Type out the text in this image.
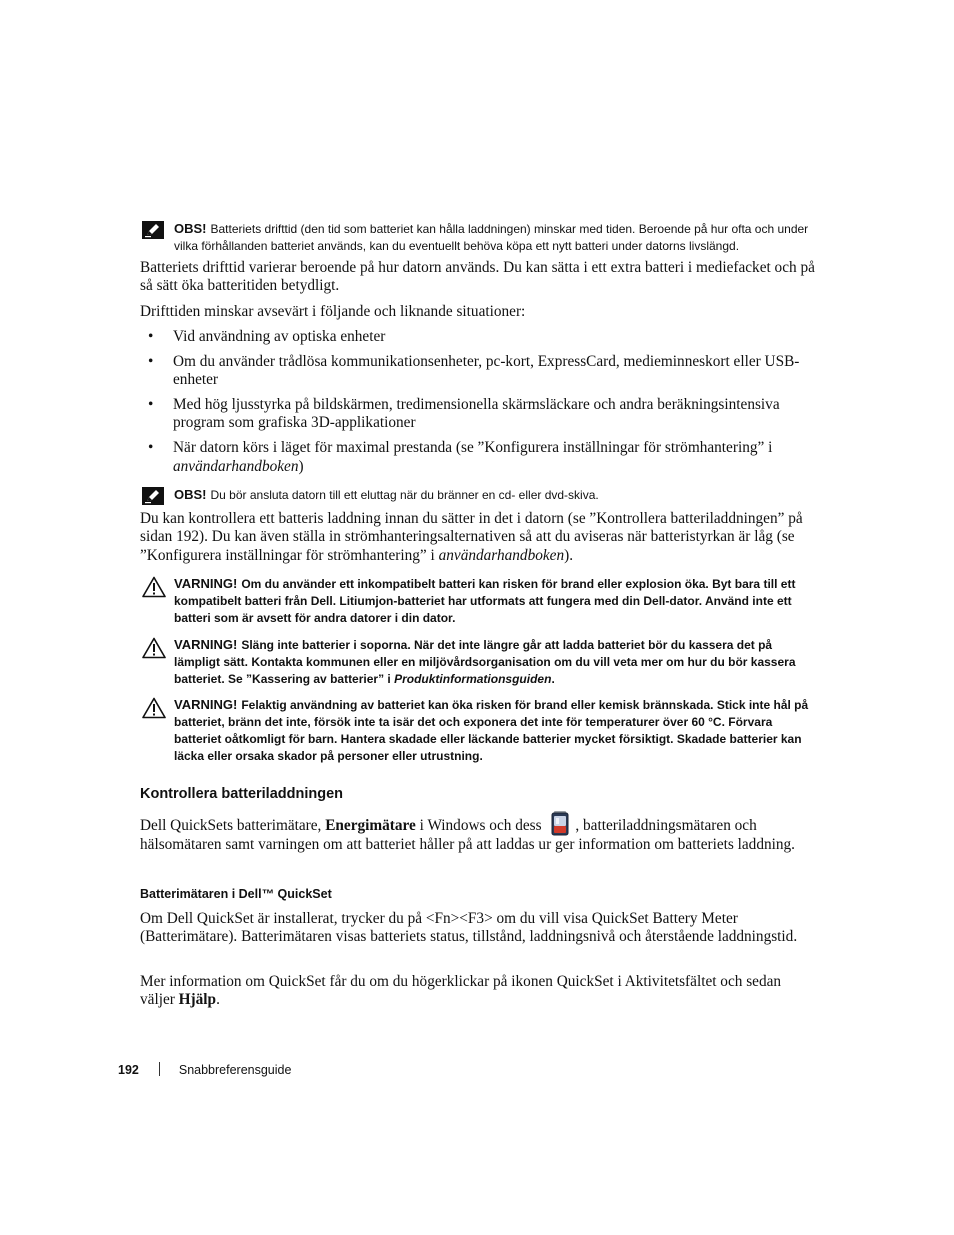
OBS! Batteriets drifttid (den tid som batteriet kan hålla laddningen) minskar med tiden. Beroende på hur ofta och under vilka förhållanden batteriet används, kan du eventuellt behöva köpa ett nytt batteri under datorns livslängd.

Batteriets drifttid varierar beroende på hur datorn används. Du kan sätta i ett extra batteri i mediefacket och på så sätt öka batteritiden betydligt.

Drifttiden minskar avsevärt i följande och liknande situationer:

• Vid användning av optiska enheter
• Om du använder trådlösa kommunikationsenheter, pc-kort, ExpressCard, medieminneskort eller USB-enheter
• Med hög ljusstyrka på bildskärmen, tredimensionella skärmsläckare och andra beräkningsintensiva program som grafiska 3D-applikationer
• När datorn körs i läget för maximal prestanda (se ”Konfigurera inställningar för strömhantering” i användarhandboken)
OBS! Du bör ansluta datorn till ett eluttag när du bränner en cd- eller dvd-skiva.

Du kan kontrollera ett batteris laddning innan du sätter in det i datorn (se ”Kontrollera batteriladdningen” på sidan 192). Du kan även ställa in strömhanteringsalternativen så att du aviseras när batteristyrkan är låg (se ”Konfigurera inställningar för strömhantering” i användarhandboken).

VARNING! Om du använder ett inkompatibelt batteri kan risken för brand eller explosion öka. Byt bara till ett kompatibelt batteri från Dell. Litiumjon-batteriet har utformats att fungera med din Dell-dator. Använd inte ett batteri som är avsett för andra datorer i din dator.
VARNING! Släng inte batterier i soporna. När det inte längre går att ladda batteriet bör du kassera det på lämpligt sätt. Kontakta kommunen eller en miljövårdsorganisation om du vill veta mer om hur du bör kassera batteriet. Se ”Kassering av batterier” i Produktinformationsguiden.
VARNING! Felaktig användning av batteriet kan öka risken för brand eller kemisk brännskada. Stick inte hål på batteriet, bränn det inte, försök inte ta isär det och exponera det inte för temperaturer över 60 °C. Förvara batteriet oåtkomligt för barn. Hantera skadade eller läckande batterier mycket försiktigt. Skadade batterier kan läcka eller orsaka skador på personer eller utrustning.
Kontrollera batteriladdningen

Dell QuickSets batterimätare, Energimätare i Windows och dess , batteriladdningsmätaren och hälsomätaren samt varningen om att batteriet håller på att laddas ur ger information om batteriets laddning.

Batterimätaren i Dell™ QuickSet

Om Dell QuickSet är installerat, trycker du på <Fn><F3> om du vill visa QuickSet Battery Meter (Batterimätare). Batterimätaren visas batteriets status, tillstånd, laddningsnivå och återstående laddningstid.

Mer information om QuickSet får du om du högerklickar på ikonen QuickSet i Aktivitetsfältet och sedan väljer Hjälp.

192	Snabbreferensguide
